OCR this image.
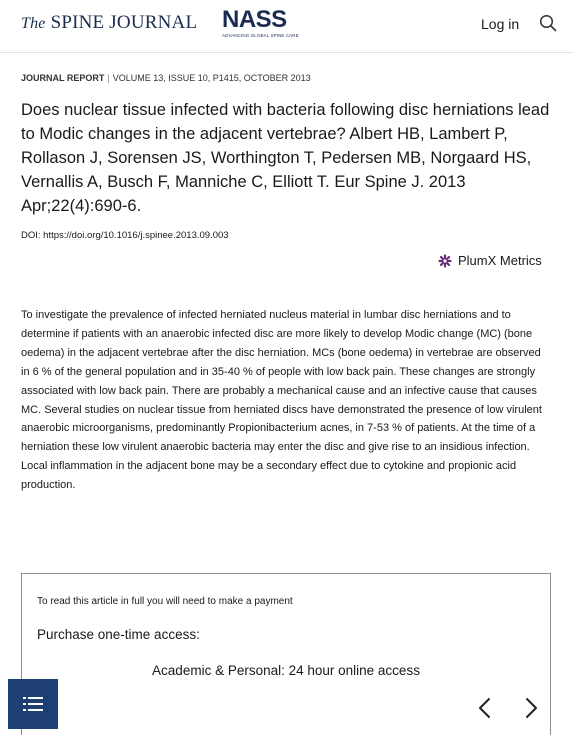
The SPINE JOURNAL NASS
ADVANCING GLOBAL SPINE CARE
Log in
JOURNAL REPORT | VOLUME 13, ISSUE 10, P1415, OCTOBER 2013
Does nuclear tissue infected with bacteria following disc herniations lead to Modic changes in the adjacent vertebrae? Albert HB, Lambert P, Rollason J, Sorensen JS, Worthington T, Pedersen MB, Norgaard HS, Vernallis A, Busch F, Manniche C, Elliott T. Eur Spine J. 2013 Apr;22(4):690-6.
DOI: https://doi.org/10.1016/j.spinee.2013.09.003
PlumX Metrics
To investigate the prevalence of infected herniated nucleus material in lumbar disc herniations and to determine if patients with an anaerobic infected disc are more likely to develop Modic change (MC) (bone oedema) in the adjacent vertebrae after the disc herniation. MCs (bone oedema) in vertebrae are observed in 6 % of the general population and in 35-40 % of people with low back pain. These changes are strongly associated with low back pain. There are probably a mechanical cause and an infective cause that causes MC. Several studies on nuclear tissue from herniated discs have demonstrated the presence of low virulent anaerobic microorganisms, predominantly Propionibacterium acnes, in 7-53 % of patients. At the time of a herniation these low virulent anaerobic bacteria may enter the disc and give rise to an insidious infection. Local inflammation in the adjacent bone may be a secondary effect due to cytokine and propionic acid production.
To read this article in full you will need to make a payment
Purchase one-time access:
Academic & Personal: 24 hour online access
